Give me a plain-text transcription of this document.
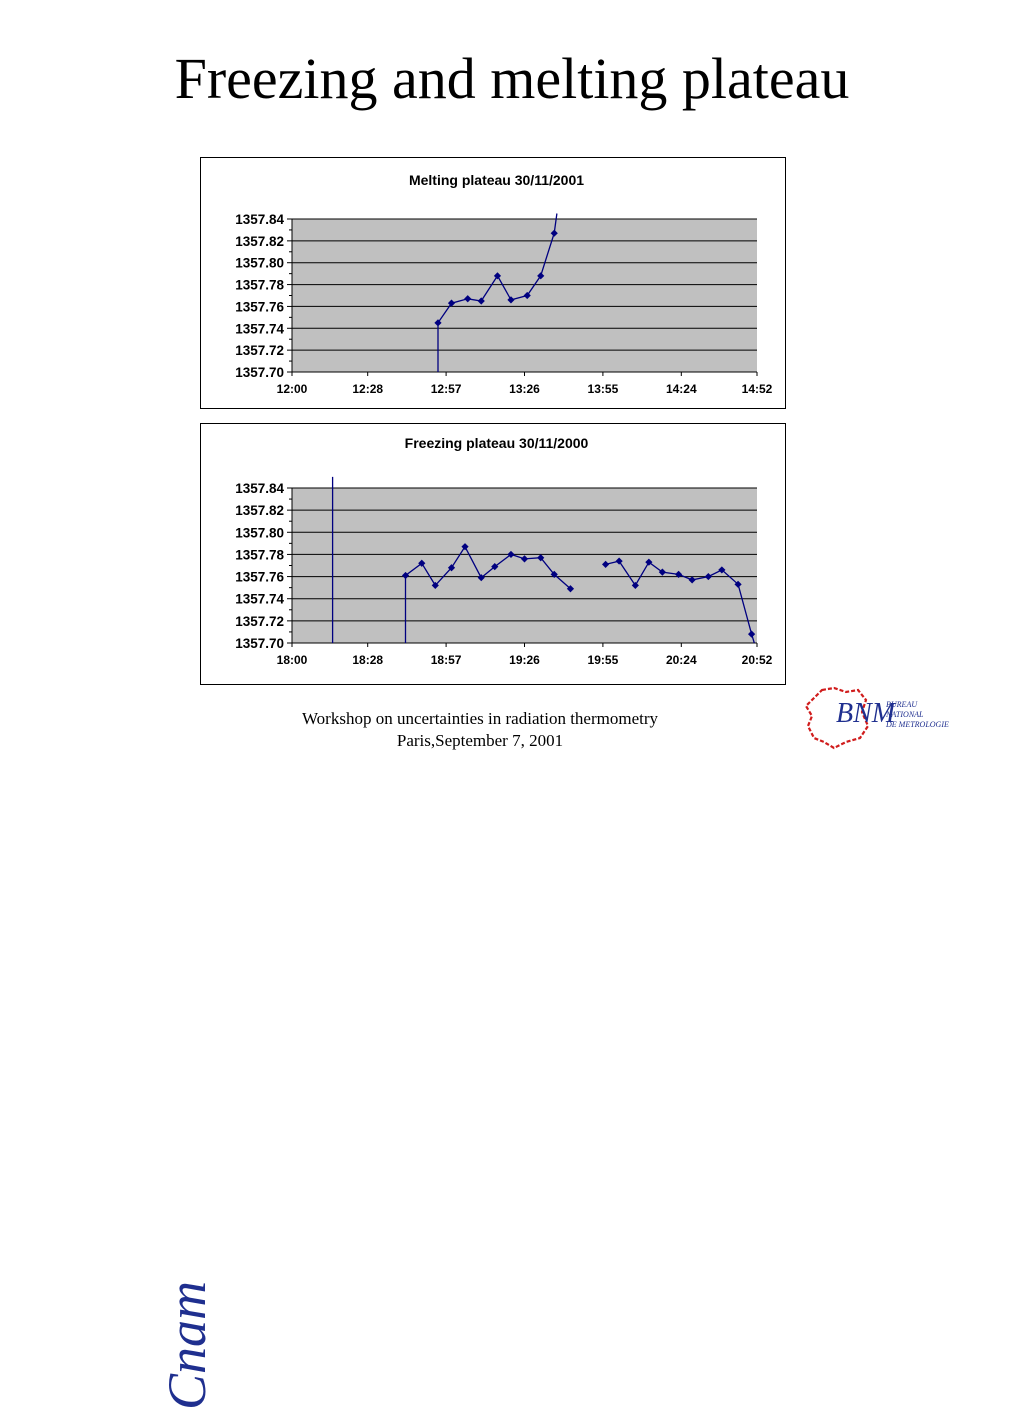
Freezing and melting plateau
Melting plateau 30/11/2001
1357.70
1357.72
1357.74
1357.76
1357.78
1357.80
1357.82
1357.84
12:00	12:28	12:57	13:26	13:55	14:24	14:52
Freezing plateau 30/11/2000
1357.70
1357.72
1357.74
1357.76
1357.78
1357.80
1357.82
1357.84
18:00	18:28	18:57	19:26	19:55	20:24	20:52
Cnam
Workshop on uncertainties in radiation thermometry
Paris,September 7, 2001
BNM
BUREAU
NATIONAL
DE METROLOGIE
